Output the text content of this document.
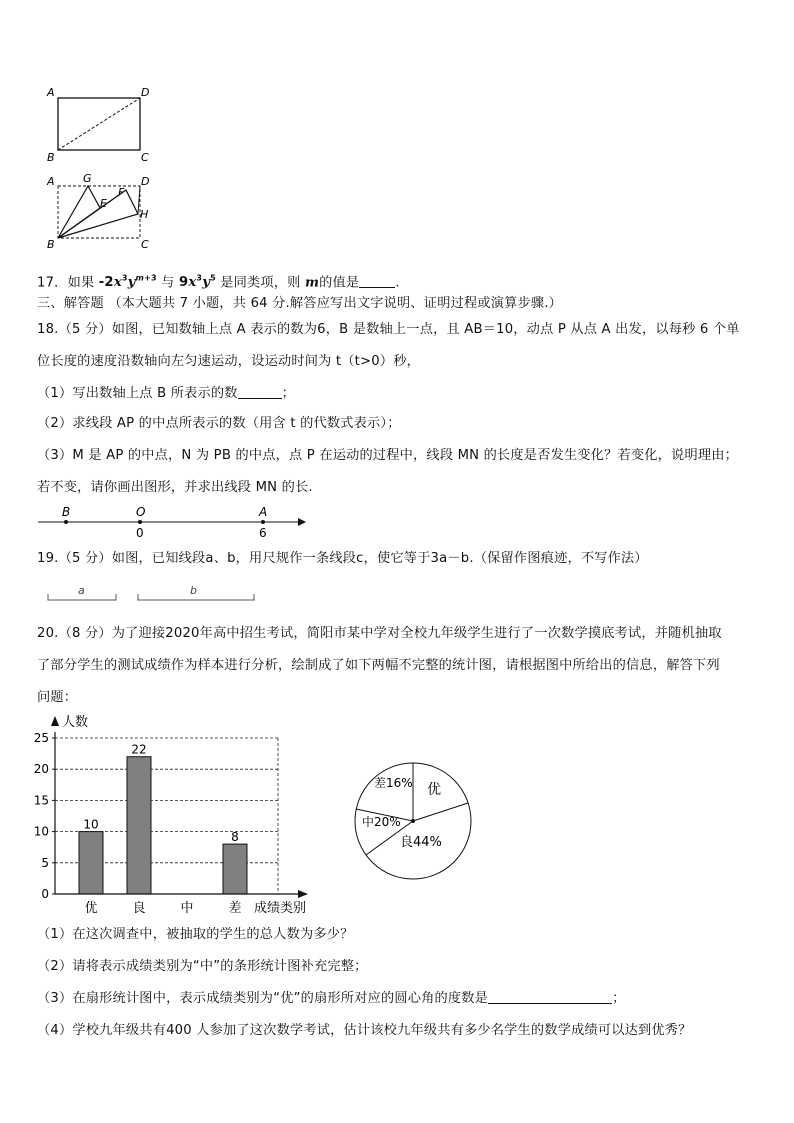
A	D
B	C
A	G
F
D
E
H
B	C
17．如果 $-2x^3y^{m+3}$ 与 $9x^3y^5$ 是同类项，则 m的值是	.
三、解答题 （本大题共 7 小题，共 64 分.解答应写出文字说明、证明过程或演算步骤.）
18.（5 分）如图，已知数轴上点 A 表示的数为6，B 是数轴上一点，且 AB＝10，动点 P 从点 A 出发，以每秒 6 个单
位长度的速度沿数轴向左匀速运动，设运动时间为 t（t>0）秒，
（1）写出数轴上点 B 所表示的数	；
（2）求线段 AP 的中点所表示的数（用含 t 的代数式表示）；
（3）M 是 AP 的中点，N 为 PB 的中点，点 P 在运动的过程中，线段 MN 的长度是否发生变化？若变化，说明理由；
若不变，请你画出图形，并求出线段 MN 的长.
B	O	A
0	6
19.（5 分）如图，已知线段a、b，用尺规作一条线段c，使它等于3a－b.（保留作图痕迹，不写作法）
a	b
20.（8 分）为了迎接2020年高中招生考试，简阳市某中学对全校九年级学生进行了一次数学摸底考试，并随机抽取
了部分学生的测试成绩作为样本进行分析，绘制成了如下两幅不完整的统计图，请根据图中所给出的信息，解答下列
问题：
0
5
10
15
20
25
10
22
8
优	良	中	差
人数
成绩类别
差16% 优
中20%
良44%
（1）在这次调查中，被抽取的学生的总人数为多少？
（2）请将表示成绩类别为“中”的条形统计图补充完整；
（3）在扇形统计图中，表示成绩类别为“优”的扇形所对应的圆心角的度数是	；
（4）学校九年级共有400 人参加了这次数学考试，估计该校九年级共有多少名学生的数学成绩可以达到优秀？
